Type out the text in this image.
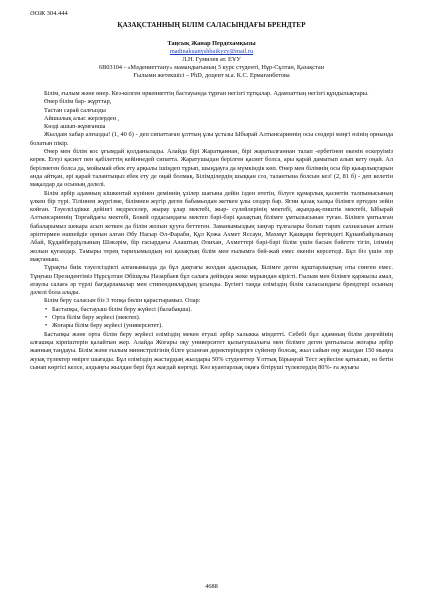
ӘОЖ 304.444
ҚАЗАҚСТАННЫҢ БІЛІМ САЛАСЫНДАҒЫ БРЕНДТЕР
Таңсық Жанар Пердехамқызы
madinakuanyshbaikyzy@mail.ru
Л.Н. Гумилев ат. ЕҰУ
6В03104 - «Мәдениеттану» мамандығының 3 курс студенті, Нұр-Сұлтан, Қазақстан
Ғылыми жетекшісі – PhD, доцент м.а. К.С. Ермағанбетова

Білім, ғылым және өнер. Кез-келген өркениеттің бастауында тұрған негізгі тұтқалар. Адамзаттың негізгі құндылықтары.

Өнер білім бар- жұрттар,
Тастан сарай салғызды
Айшылық алыс жерлерден ,
Көзді ашып-жұмғанша

Жылдам хабар алғызды! (1, 40 б) - деп сипаттаған ұлттың ұлы ұстазы Ыбырай Алтынсариннің осы сөздері мәңгі өзінің орнында болатын пікір.

Өнер мен білім кос ұғымдай қолданылады. Алайда бірі Жаратқаннан, бірі жаратылғаннан талап ‑ербетінен екенін ескеруіміз керек. Егеуі қасиет пен қабілеттің кейіннедей сипатта. Жаратушыдан берілген қасиет болса, ары қарай дамытып алып кету оңай. Ал берілмеген болса да, мойымай ебек ету арқылы ішіңдеп тұрып, шыңдауға да мүмкіндік көп. Өнер мен білімнің осы бір қыырлықтарын анда айтқан, әрі қарай талантыңыз ебек ету де оңай болмақ. Білімділердің шыққан соз, талантына болсын кез! (2, 81 б) - деп келетін мақалдар да осының дәлелі.

Білім әрбір адамның кішкентай күнінен деміннің ұзілер шағына дейін ізден өтетін, білуге құмарлық қасиетін талпынысының ұлкен бір түрі. Тіліннен жүргізме, білімнен жүгір деген бабамыздан жеткен ұлы сөздер бар. Ягни қазақ халқы білімге ертеден зейін койған. Тәуелсіздікке дейінгі медреселер, жырау ұлар мектебі, жыр- сүлейлерінің мектебі, ақындық-пиштік мектебі, Ыбырай Алтынсариннің Торғайдағы мектебі, Бокей ордасындағы мектеп бәрі-бәрі қазақтың білімге ұмтылысынан туған. Білімге ұмтылған бабаларымыз шекара асып кеткен да білім жолын қууға беттеген. Заманымыздың заңғар тұлғалары болып тарих сахнасынан алтын әріптермен өшпейдіе орнын алған Әбу Насыр Әл-Фараби, Құл Қожа Ахмет Яссауи, Махмұт Қашқари бертіндегі Құнанбайұлының Абай, Құдайбердіұлының Шәкәрім, бір ғасырдағы Алаштың Әлихан, Ахметтері бәрі-бәрі білім үшін басын бәйгете тігіп, ілімнің жолын қуғандар. Тамыры терең тарихымыздың өзі қазақтың білім мен ғылымға бей-жай емес екенін керсетеді. Бұл біз үшін зор мақтаныш.

Тұрақты биік тәуелсіздікті алғанымызда да бұл дақтағы жолдан адаспадық. Білімге деген құштарлықтың оты сөнген емес. Тұңғыш Президентіміз Нұрсұлтан Әбішұлы Назарбаев бұл салаға дейіндеа жеке мұрындан кірісті. Ғылым мен білімге қаржылы амал, атаулы салаға әр түрлі бағдарламалар мен стипендиялардың ұсынды. Бүгінгі таңда еліміздің білім саласындағы брендтері осының дәлелі бола алады.

Білім беру саласын біз 3 топқа бөлін қарастырамыз. Олар:

• Бастапқы, бастауыш білім беру жүйесі (балабақша).
• Орта білім беру жүйесі (мектеп).
• Жоғары білім беру жүйесі (университет).

Бастапқы және орта білім беру жүйесі еліміздің мекен етуші әрбір халыкка міндетті. Себебі бұл адамның білім деңгейінің алғашқы кірпіштерін қалайтын жер. Алайда Жоғары оқу университет қызығушылығы мен білімге деген ұмтылысы жоғары әрбір жанның таңдауы. Білім және ғылым министрлігінің білге ұсынған деректеріндерге сүйенер болсақ, жыл сайын оңу жылдан 150 мыңға жуық түлектер өмірге шығады. Бұл еліміздің жастардың жылдары 50% студенттер Ұлттық Бірыңғай Тест жүйесіне қатысып, өз бетін сынап көргісі келсе, алдыңғы жылдан бері бұл жағдай көргеді. Көз куантарлық оқиға бітіруші түлектердің 80%- ға жуығы

4688
